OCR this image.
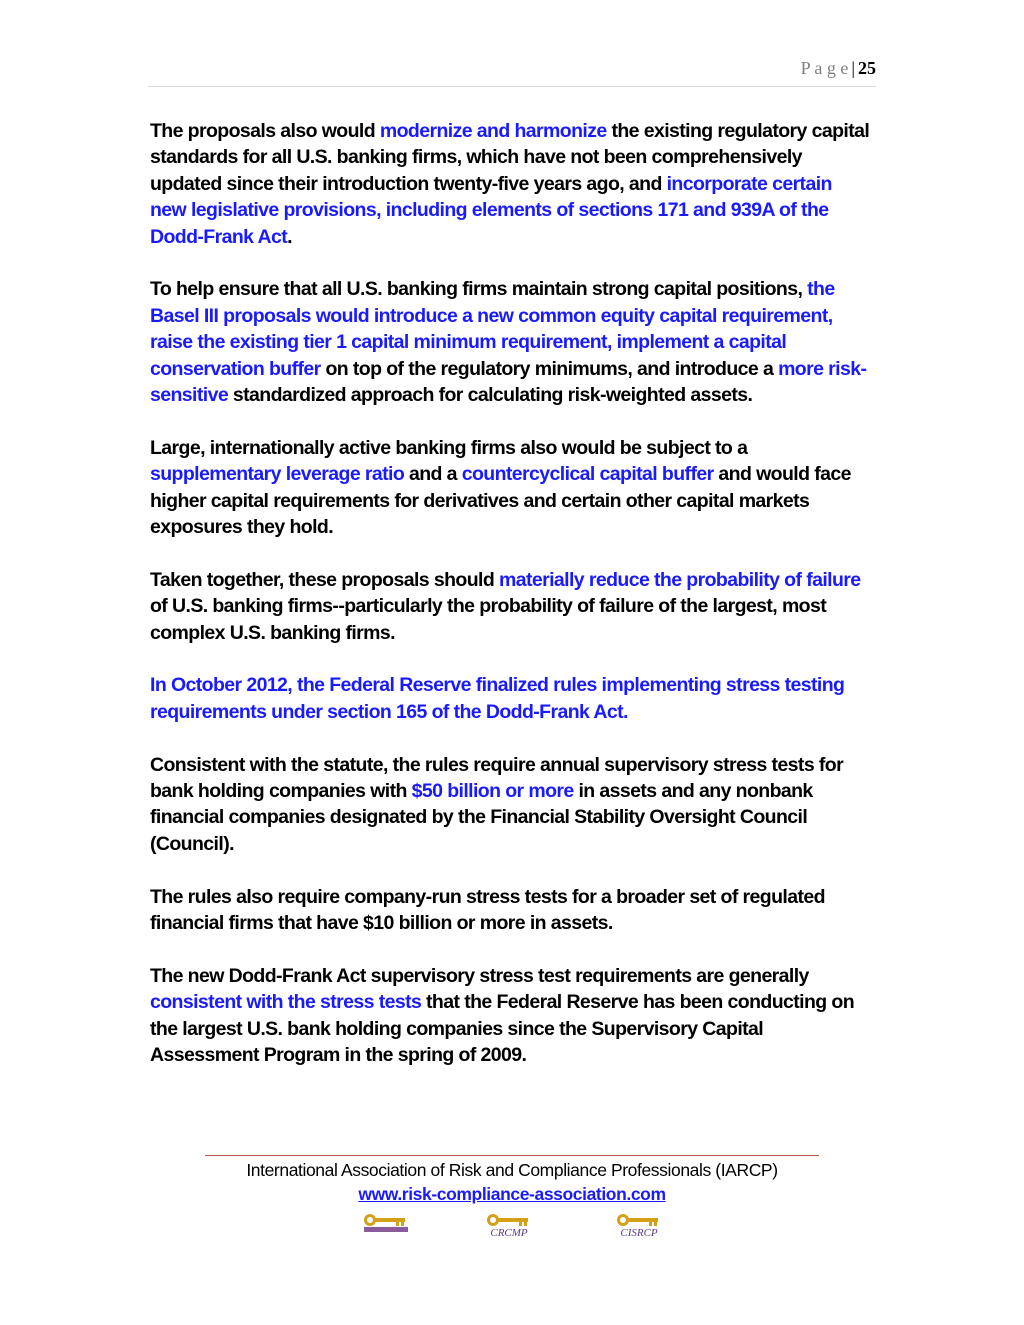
P a g e | 25

The proposals also would modernize and harmonize the existing regulatory capital standards for all U.S. banking firms, which have not been comprehensively updated since their introduction twenty-five years ago, and incorporate certain new legislative provisions, including elements of sections 171 and 939A of the Dodd-Frank Act.

To help ensure that all U.S. banking firms maintain strong capital positions, the Basel III proposals would introduce a new common equity capital requirement, raise the existing tier 1 capital minimum requirement, implement a capital conservation buffer on top of the regulatory minimums, and introduce a more risk-sensitive standardized approach for calculating risk-weighted assets.

Large, internationally active banking firms also would be subject to a supplementary leverage ratio and a countercyclical capital buffer and would face higher capital requirements for derivatives and certain other capital markets exposures they hold.

Taken together, these proposals should materially reduce the probability of failure of U.S. banking firms--particularly the probability of failure of the largest, most complex U.S. banking firms.

In October 2012, the Federal Reserve finalized rules implementing stress testing requirements under section 165 of the Dodd-Frank Act.

Consistent with the statute, the rules require annual supervisory stress tests for bank holding companies with $50 billion or more in assets and any nonbank financial companies designated by the Financial Stability Oversight Council (Council).

The rules also require company-run stress tests for a broader set of regulated financial firms that have $10 billion or more in assets.

The new Dodd-Frank Act supervisory stress test requirements are generally consistent with the stress tests that the Federal Reserve has been conducting on the largest U.S. bank holding companies since the Supervisory Capital Assessment Program in the spring of 2009.

International Association of Risk and Compliance Professionals (IARCP)
www.risk-compliance-association.com
CRCMP	CISRCP
